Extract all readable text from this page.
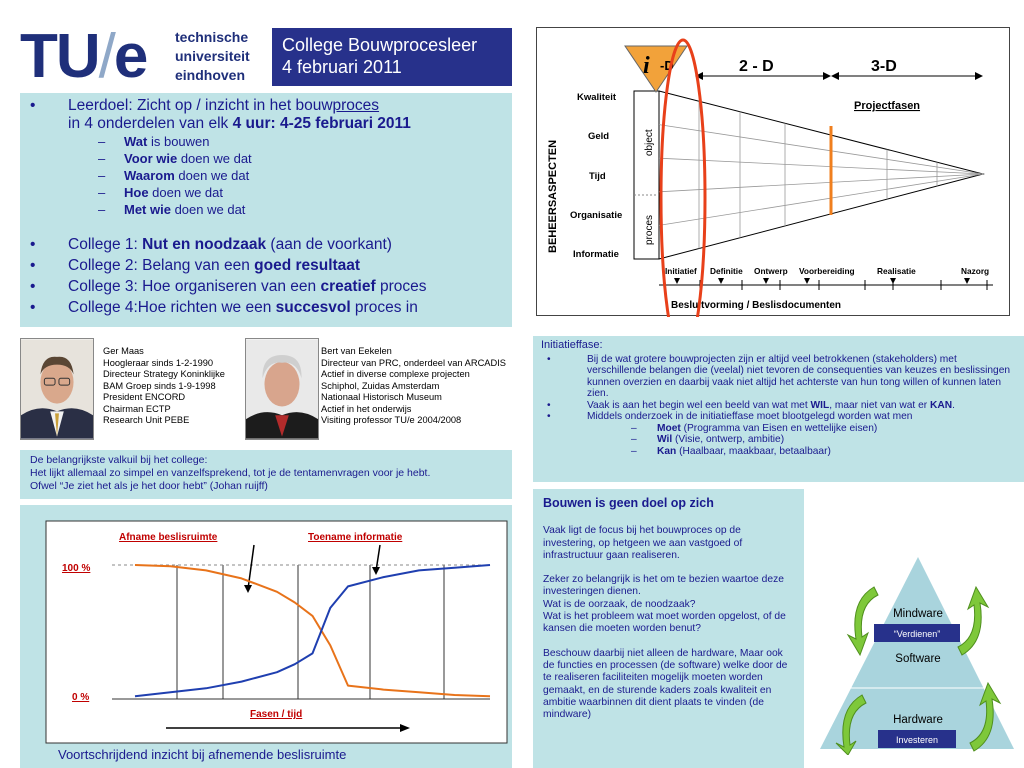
TU/e technische
universiteit
eindhoven
College Bouwprocesleer
4 februari 2011
• Leerdoel: Zicht op / inzicht in het bouwproces
in 4 onderdelen van elk 4 uur: 4-25 februari 2011
– Wat is bouwen
– Voor wie doen we dat
– Waarom doen we dat
– Hoe doen we dat
– Met wie doen we dat
• College 1: Nut en noodzaak (aan de voorkant)
• College 2: Belang van een goed resultaat
• College 3: Hoe organiseren van een creatief proces
• College 4:Hoe richten we een succesvol proces in
Ger Maas
Hoogleraar sinds 1-2-1990
Directeur Strategy Koninklijke
BAM Groep sinds 1-9-1998
President ENCORD
Chairman ECTP
Research Unit PEBE
Bert van Eekelen
Directeur van PRC, onderdeel van ARCADIS
Actief in diverse complexe projecten
Schiphol, Zuidas Amsterdam
Nationaal Historisch Museum
Actief in het onderwijs
Visiting professor TU/e 2004/2008
De belangrijkste valkuil bij het college:
Het lijkt allemaal zo simpel en vanzelfsprekend, tot je de tentamenvragen voor je hebt.
Ofwel “Je ziet het als je het door hebt” (Johan ruijff)
100 %
0 %
Afname beslisruimte	Toename informatie
Fasen / tijd
Voortschrijdend inzicht bij afnemende beslisruimte
BEHEERSASPECTEN
Kwaliteit
Geld
Tijd
Organisatie
Informatie
object
proces
i -D	2 - D	3-D
Projectfasen
Initiatief Definitie Ontwerp Voorbereiding	Realisatie	Nazorg
Besluitvorming / Beslisdocumenten
Initiatieffase:
•	Bij de wat grotere bouwprojecten zijn er altijd veel betrokkenen (stakeholders) met verschillende belangen die (veelal) niet tevoren de consequenties van keuzes en beslissingen kunnen overzien en daarbij vaak niet altijd het achterste van hun tong willen of kunnen laten zien.
•	Vaak is aan het begin wel een beeld van wat met WIL, maar niet van wat er KAN.
•	Middels onderzoek in de initiatieffase moet blootgelegd worden wat men
– Moet (Programma van Eisen en wettelijke eisen)
– Wil (Visie, ontwerp, ambitie)
– Kan (Haalbaar, maakbaar, betaalbaar)
Bouwen is geen doel op zich

Vaak ligt de focus bij het bouwproces op de investering, op hetgeen we aan vastgoed of infrastructuur gaan realiseren.

Zeker zo belangrijk is het om te bezien waartoe deze investeringen dienen.
Wat is de oorzaak, de noodzaak?
Wat is het probleem wat moet worden opgelost, of de kansen die moeten worden benut?

Beschouw daarbij niet alleen de hardware, Maar ook de functies en processen (de software) welke door de te realiseren faciliteiten mogelijk moeten worden gemaakt, en de sturende kaders zoals kwaliteit en ambitie waarbinnen dit dient plaats te vinden (de mindware)

Mindware
“Verdienen”
Software
Hardware
Investeren
